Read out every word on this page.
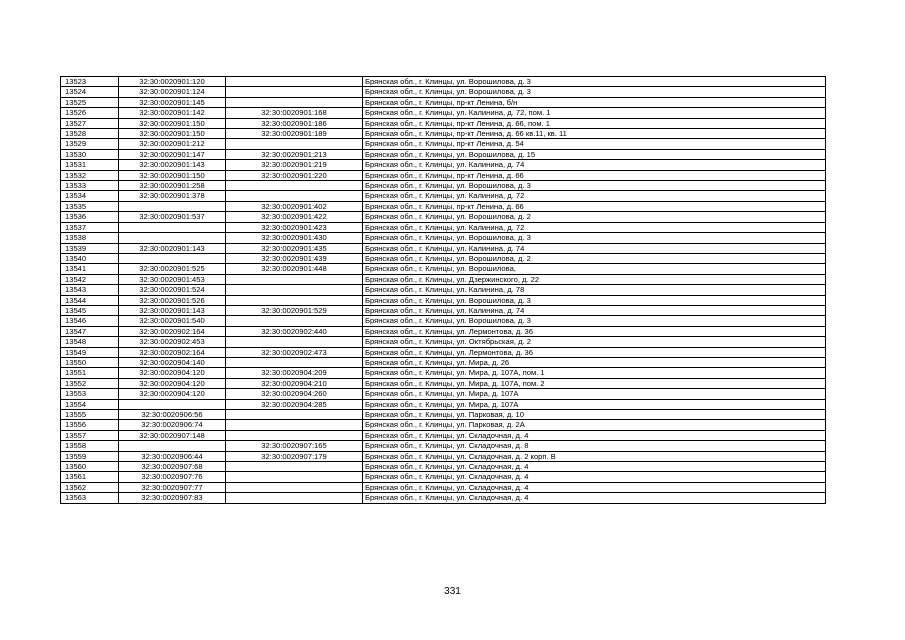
13523	32:30:0020901:120		Брянская обл., г. Клинцы, ул. Ворошилова, д. 3
13524	32:30:0020901:124		Брянская обл., г. Клинцы, ул. Ворошилова, д. 3
13525	32:30:0020901:145		Брянская обл., г. Клинцы, пр-кт Ленина, б/н
13526	32:30:0020901:142	32:30:0020901:168	Брянская обл., г. Клинцы, ул. Калинина, д. 72, пом. 1
13527	32:30:0020901:150	32:30:0020901:186	Брянская обл., г. Клинцы, пр-кт Ленина, д. 66, пом. 1
13528	32:30:0020901:150	32:30:0020901:189	Брянская обл., г. Клинцы, пр-кт Ленина, д. 66 кв.11, кв. 11
13529	32:30:0020901:212		Брянская обл., г. Клинцы, пр-кт Ленина, д. 54
13530	32:30:0020901:147	32:30:0020901:213	Брянская обл., г. Клинцы, ул. Ворошилова, д. 15
13531	32:30:0020901:143	32:30:0020901:219	Брянская обл., г. Клинцы, ул. Калинина, д. 74
13532	32:30:0020901:150	32:30:0020901:220	Брянская обл., г. Клинцы, пр-кт Ленина, д. 66
13533	32:30:0020901:258		Брянская обл., г. Клинцы, ул. Ворошилова, д. 3
13534	32:30:0020901:378		Брянская обл., г. Клинцы, ул. Калинина, д. 72
13535		32:30:0020901:402	Брянская обл., г. Клинцы, пр-кт Ленина, д. 66
13536	32:30:0020901:537	32:30:0020901:422	Брянская обл., г. Клинцы, ул. Ворошилова, д. 2
13537		32:30:0020901:423	Брянская обл., г. Клинцы, ул. Калинина, д. 72
13538		32:30:0020901:430	Брянская обл., г. Клинцы, ул. Ворошилова, д. 3
13539	32:30:0020901:143	32:30:0020901:435	Брянская обл., г. Клинцы, ул. Калинина, д. 74
13540		32:30:0020901:439	Брянская обл., г. Клинцы, ул. Ворошилова, д. 2
13541	32:30:0020901:525	32:30:0020901:448	Брянская обл., г. Клинцы, ул. Ворошилова,
13542	32:30:0020901:453		Брянская обл., г. Клинцы, ул. Дзержинского, д. 22
13543	32:30:0020901:524		Брянская обл., г. Клинцы, ул. Калинина, д. 78
13544	32:30:0020901:526		Брянская обл., г. Клинцы, ул. Ворошилова, д. 3
13545	32:30:0020901:143	32:30:0020901:529	Брянская обл., г. Клинцы, ул. Калинина, д. 74
13546	32:30:0020901:540		Брянская обл., г. Клинцы, ул. Ворошилова, д. 3
13547	32:30:0020902:164	32:30:0020902:440	Брянская обл., г. Клинцы, ул. Лермонтова, д. 36
13548	32:30:0020902:453		Брянская обл., г. Клинцы, ул. Октябрьская, д. 2
13549	32:30:0020902:164	32:30:0020902:473	Брянская обл., г. Клинцы, ул. Лермонтова, д. 36
13550	32:30:0020904:140		Брянская обл., г. Клинцы, ул. Мира, д. 26
13551	32:30:0020904:120	32:30:0020904:209	Брянская обл., г. Клинцы, ул. Мира, д. 107А, пом. 1
13552	32:30:0020904:120	32:30:0020904:210	Брянская обл., г. Клинцы, ул. Мира, д. 107А, пом. 2
13553	32:30:0020904:120	32:30:0020904:260	Брянская обл., г. Клинцы, ул. Мира, д. 107А
13554		32:30:0020904:285	Брянская обл., г. Клинцы, ул. Мира, д. 107А
13555	32:30:0020906:56		Брянская обл., г. Клинцы, ул. Парковая, д. 10
13556	32:30:0020906:74		Брянская обл., г. Клинцы, ул. Парковая, д. 2А
13557	32:30:0020907:148		Брянская обл., г. Клинцы, ул. Складочная, д. 4
13558		32:30:0020907:165	Брянская обл., г. Клинцы, ул. Складочная, д. 8
13559	32:30:0020906:44	32:30:0020907:179	Брянская обл., г. Клинцы, ул. Складочная, д. 2 корп. В
13560	32:30:0020907:68		Брянская обл., г. Клинцы, ул. Складочная, д. 4
13561	32:30:0020907:76		Брянская обл., г. Клинцы, ул. Складочная, д. 4
13562	32:30:0020907:77		Брянская обл., г. Клинцы, ул. Складочная, д. 4
13563	32:30:0020907:83		Брянская обл., г. Клинцы, ул. Складочная, д. 4
331
